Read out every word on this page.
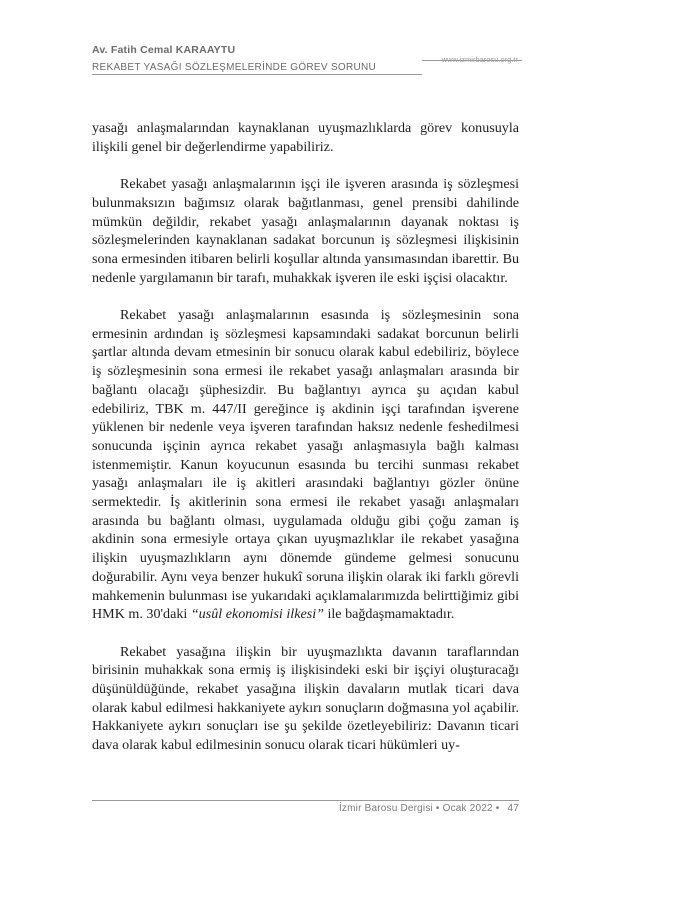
Av. Fatih Cemal KARAAYTU
REKABET YASAĞI SÖZLEŞMELERİNDE GÖREV SORUNU
www.izmirbarosu.org.tr

yasağı anlaşmalarından kaynaklanan uyuşmazlıklarda görev konusuyla ilişkili genel bir değerlendirme yapabiliriz.

Rekabet yasağı anlaşmalarının işçi ile işveren arasında iş sözleşmesi bulunmaksızın bağımsız olarak bağıtlanması, genel prensibi dahilinde mümkün değildir, rekabet yasağı anlaşmalarının dayanak noktası iş sözleşmelerinden kaynaklanan sadakat borcunun iş sözleşmesi ilişkisinin sona ermesinden itibaren belirli koşullar altında yansımasından ibarettir. Bu nedenle yargılamanın bir tarafı, muhakkak işveren ile eski işçisi olacaktır.

Rekabet yasağı anlaşmalarının esasında iş sözleşmesinin sona ermesinin ardından iş sözleşmesi kapsamındaki sadakat borcunun belirli şartlar altında devam etmesinin bir sonucu olarak kabul edebiliriz, böylece iş sözleşmesinin sona ermesi ile rekabet yasağı anlaşmaları arasında bir bağlantı olacağı şüphesizdir. Bu bağlantıyı ayrıca şu açıdan kabul edebiliriz, TBK m. 447/II gereğince iş akdinin işçi tarafından işverene yüklenen bir nedenle veya işveren tarafından haksız nedenle feshedilmesi sonucunda işçinin ayrıca rekabet yasağı anlaşmasıyla bağlı kalması istenmemiştir. Kanun koyucunun esasında bu tercihi sunması rekabet yasağı anlaşmaları ile iş akitleri arasındaki bağlantıyı gözler önüne sermektedir. İş akitlerinin sona ermesi ile rekabet yasağı anlaşmaları arasında bu bağlantı olması, uygulamada olduğu gibi çoğu zaman iş akdinin sona ermesiyle ortaya çıkan uyuşmazlıklar ile rekabet yasağına ilişkin uyuşmazlıkların aynı dönemde gündeme gelmesi sonucunu doğurabilir. Aynı veya benzer hukukî soruna ilişkin olarak iki farklı görevli mahkemenin bulunması ise yukarıdaki açıklamalarımızda belirttiğimiz gibi HMK m. 30'daki “usûl ekonomisi ilkesi” ile bağdaşmamaktadır.

Rekabet yasağına ilişkin bir uyuşmazlıkta davanın taraflarından birisinin muhakkak sona ermiş iş ilişkisindeki eski bir işçiyi oluşturacağı düşünüldüğünde, rekabet yasağına ilişkin davaların mutlak ticari dava olarak kabul edilmesi hakkaniyete aykırı sonuçların doğmasına yol açabilir. Hakkaniyete aykırı sonuçları ise şu şekilde özetleyebiliriz: Davanın ticari dava olarak kabul edilmesinin sonucu olarak ticari hükümleri uy-

İzmir Barosu Dergisi • Ocak 2022 • 47
